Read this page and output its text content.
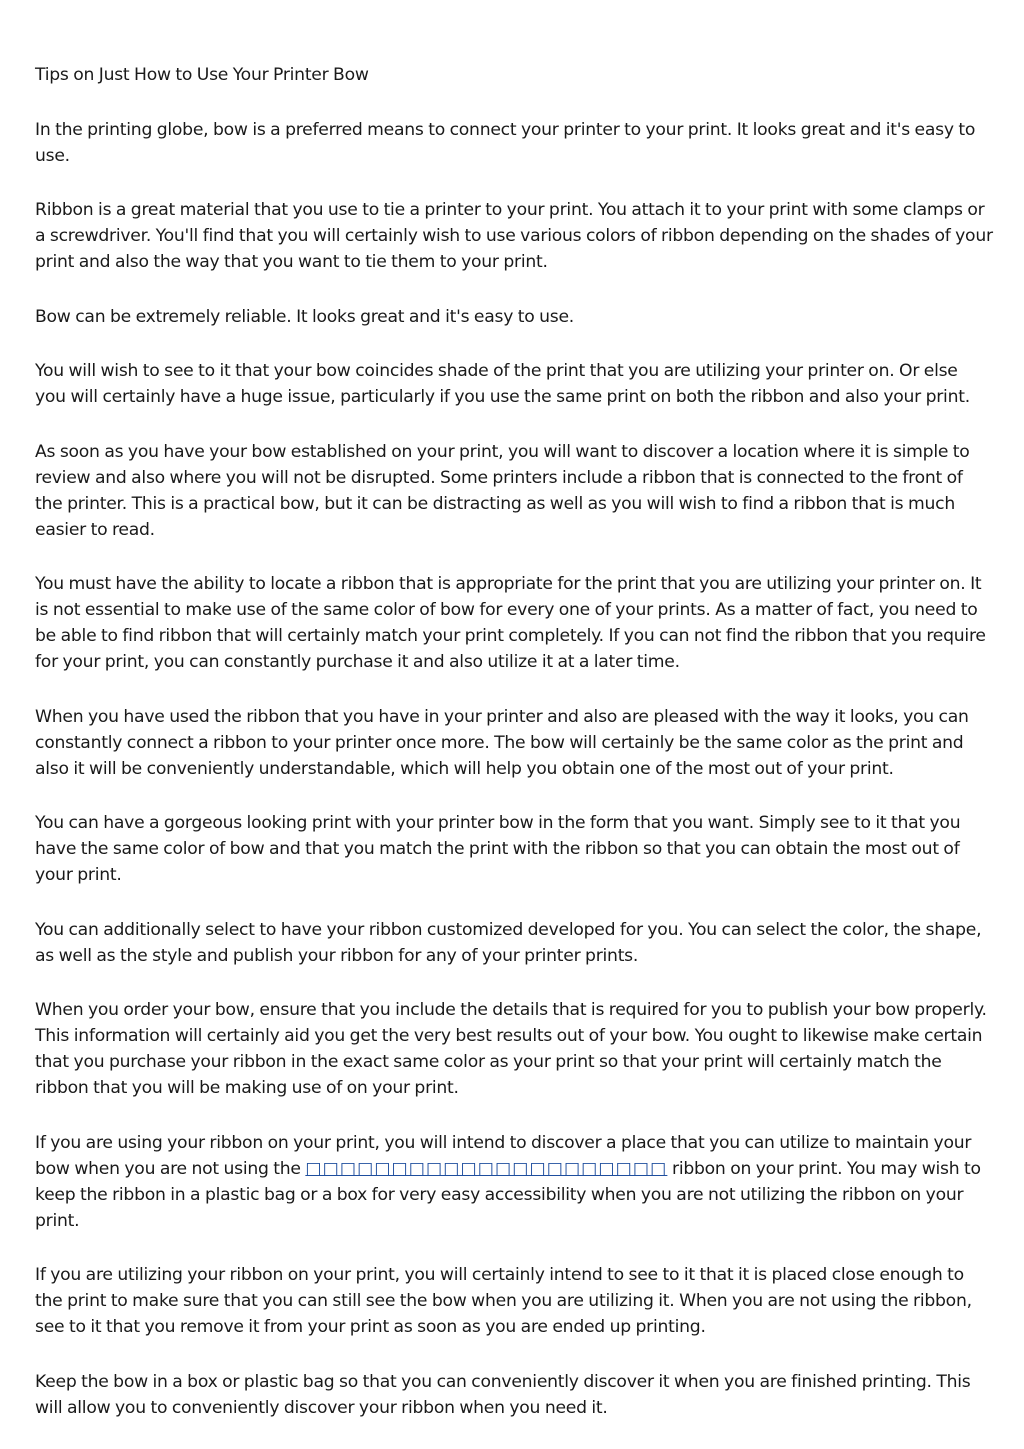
Tips on Just How to Use Your Printer Bow

In the printing globe, bow is a preferred means to connect your printer to your print. It looks great and it's easy to use.

Ribbon is a great material that you use to tie a printer to your print. You attach it to your print with some clamps or a screwdriver. You'll find that you will certainly wish to use various colors of ribbon depending on the shades of your print and also the way that you want to tie them to your print.

Bow can be extremely reliable. It looks great and it's easy to use.

You will wish to see to it that your bow coincides shade of the print that you are utilizing your printer on. Or else you will certainly have a huge issue, particularly if you use the same print on both the ribbon and also your print.

As soon as you have your bow established on your print, you will want to discover a location where it is simple to review and also where you will not be disrupted. Some printers include a ribbon that is connected to the front of the printer. This is a practical bow, but it can be distracting as well as you will wish to find a ribbon that is much easier to read.

You must have the ability to locate a ribbon that is appropriate for the print that you are utilizing your printer on. It is not essential to make use of the same color of bow for every one of your prints. As a matter of fact, you need to be able to find ribbon that will certainly match your print completely. If you can not find the ribbon that you require for your print, you can constantly purchase it and also utilize it at a later time.

When you have used the ribbon that you have in your printer and also are pleased with the way it looks, you can constantly connect a ribbon to your printer once more. The bow will certainly be the same color as the print and also it will be conveniently understandable, which will help you obtain one of the most out of your print.

You can have a gorgeous looking print with your printer bow in the form that you want. Simply see to it that you have the same color of bow and that you match the print with the ribbon so that you can obtain the most out of your print.

You can additionally select to have your ribbon customized developed for you. You can select the color, the shape, as well as the style and publish your ribbon for any of your printer prints.

When you order your bow, ensure that you include the details that is required for you to publish your bow properly. This information will certainly aid you get the very best results out of your bow. You ought to likewise make certain that you purchase your ribbon in the exact same color as your print so that your print will certainly match the ribbon that you will be making use of on your print.

If you are using your ribbon on your print, you will intend to discover a place that you can utilize to maintain your bow when you are not using the □□□□□□□□□□□□□□□□□□□□□ ribbon on your print. You may wish to keep the ribbon in a plastic bag or a box for very easy accessibility when you are not utilizing the ribbon on your print.

If you are utilizing your ribbon on your print, you will certainly intend to see to it that it is placed close enough to the print to make sure that you can still see the bow when you are utilizing it. When you are not using the ribbon, see to it that you remove it from your print as soon as you are ended up printing.

Keep the bow in a box or plastic bag so that you can conveniently discover it when you are finished printing. This will allow you to conveniently discover your ribbon when you need it.
